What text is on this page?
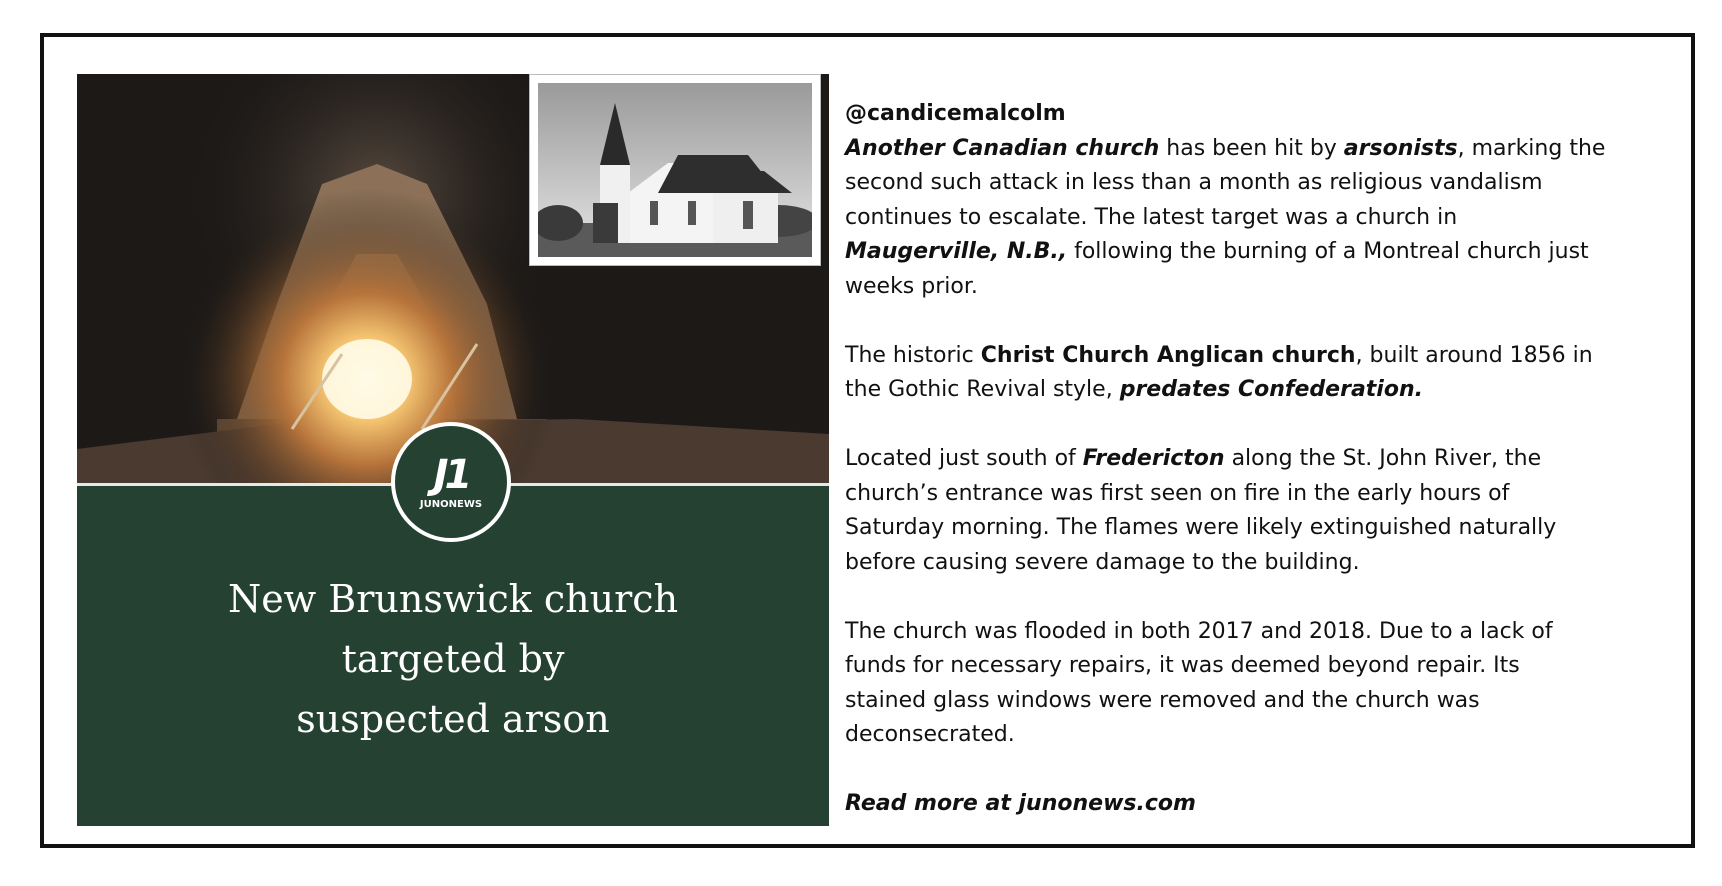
J1
JUNONEWS
New Brunswick church
targeted by
suspected arson

@candicemalcolm

Another Canadian church has been hit by arsonists, marking the

second such attack in less than a month as religious vandalism

continues to escalate. The latest target was a church in

Maugerville, N.B., following the burning of a Montreal church just

weeks prior.

The historic Christ Church Anglican church, built around 1856 in

the Gothic Revival style, predates Confederation.

Located just south of Fredericton along the St. John River, the

church’s entrance was first seen on fire in the early hours of

Saturday morning. The flames were likely extinguished naturally

before causing severe damage to the building.

The church was flooded in both 2017 and 2018. Due to a lack of

funds for necessary repairs, it was deemed beyond repair. Its

stained glass windows were removed and the church was

deconsecrated.

Read more at junonews.com
